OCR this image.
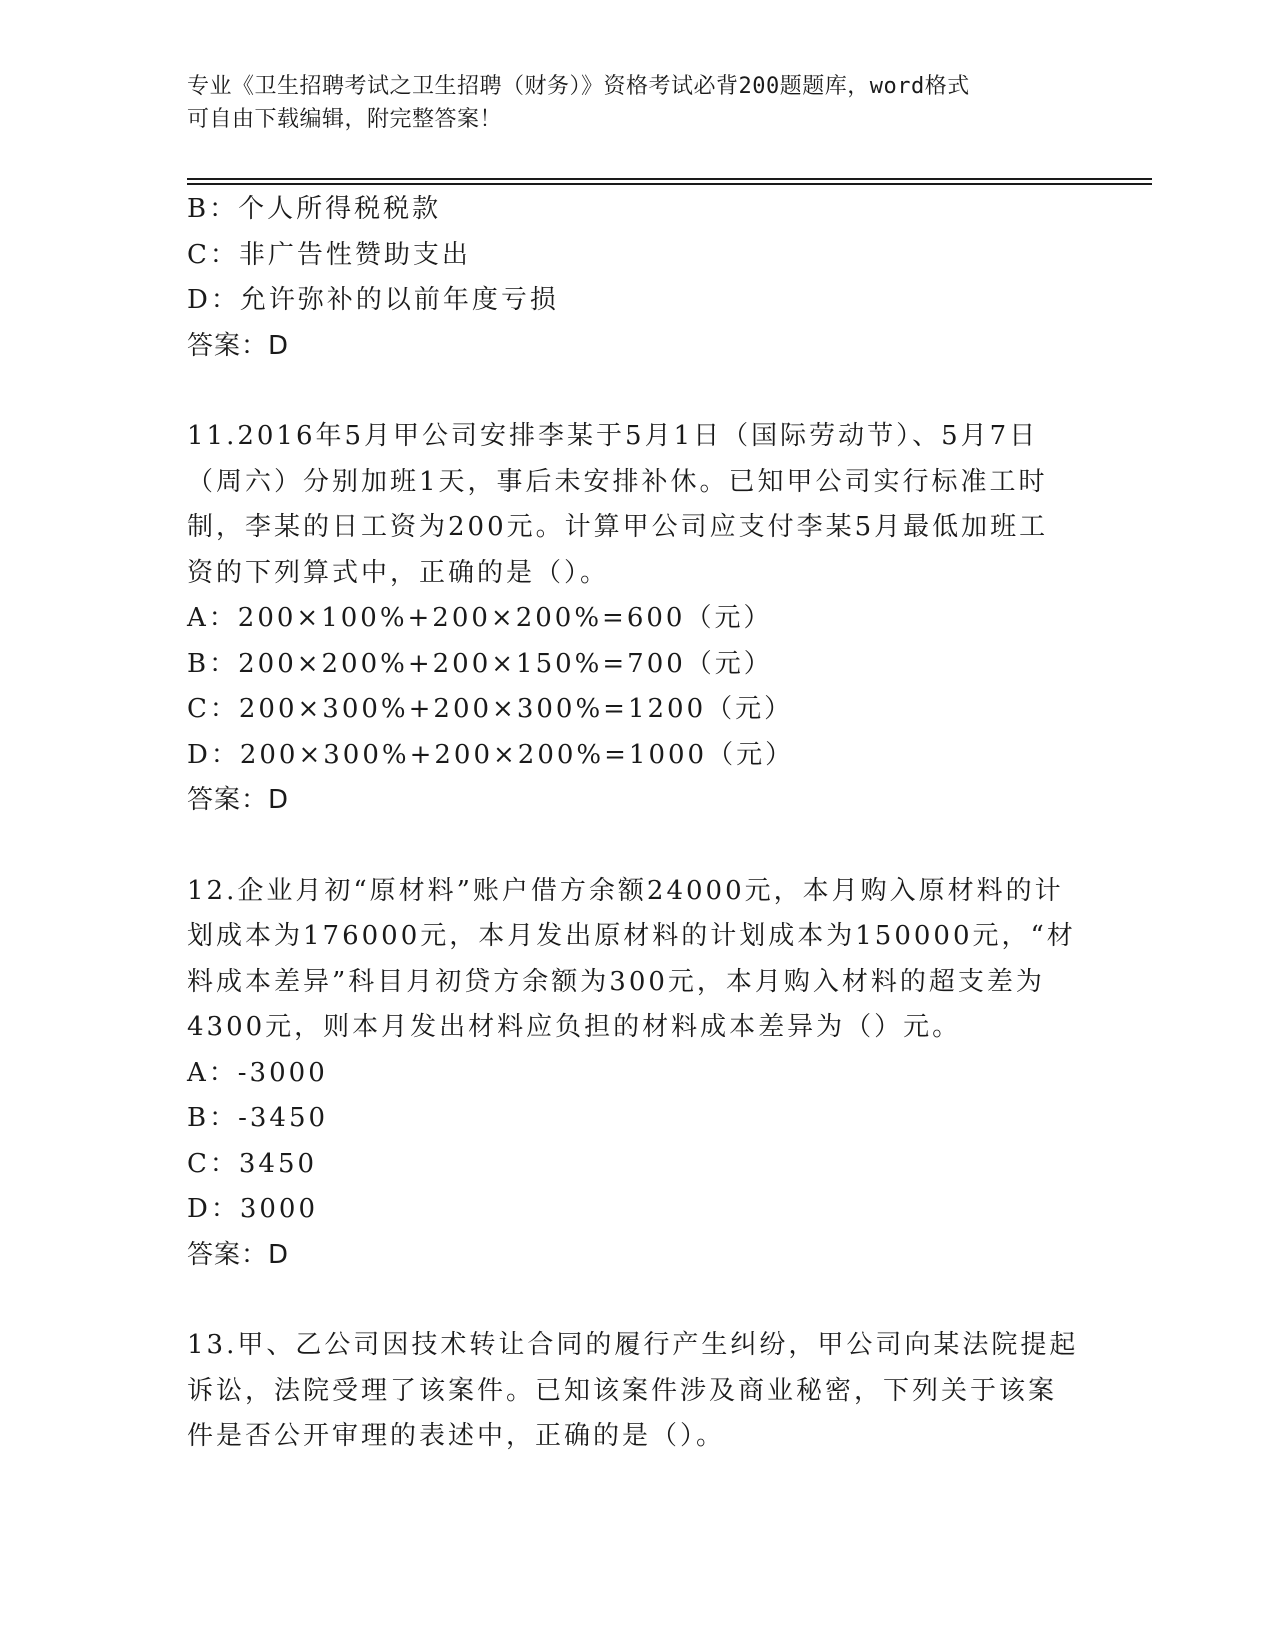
专业《卫生招聘考试之卫生招聘（财务）》资格考试必背200题题库，word格式
可自由下载编辑，附完整答案！
B：个人所得税税款
C：非广告性赞助支出
D：允许弥补的以前年度亏损
答案：D
11.2016年5月甲公司安排李某于5月1日（国际劳动节）、5月7日
（周六）分别加班1天，事后未安排补休。已知甲公司实行标准工时
制，李某的日工资为200元。计算甲公司应支付李某5月最低加班工
资的下列算式中，正确的是（）。
A：200×100%+200×200%=600（元）
B：200×200%+200×150%=700（元）
C：200×300%+200×300%=1200（元）
D：200×300%+200×200%=1000（元）
答案：D
12.企业月初“原材料”账户借方余额24000元，本月购入原材料的计
划成本为176000元，本月发出原材料的计划成本为150000元，“材
料成本差异”科目月初贷方余额为300元，本月购入材料的超支差为
4300元，则本月发出材料应负担的材料成本差异为（）元。
A：-3000
B：-3450
C：3450
D：3000
答案：D
13.甲、乙公司因技术转让合同的履行产生纠纷，甲公司向某法院提起
诉讼，法院受理了该案件。已知该案件涉及商业秘密，下列关于该案
件是否公开审理的表述中，正确的是（）。
